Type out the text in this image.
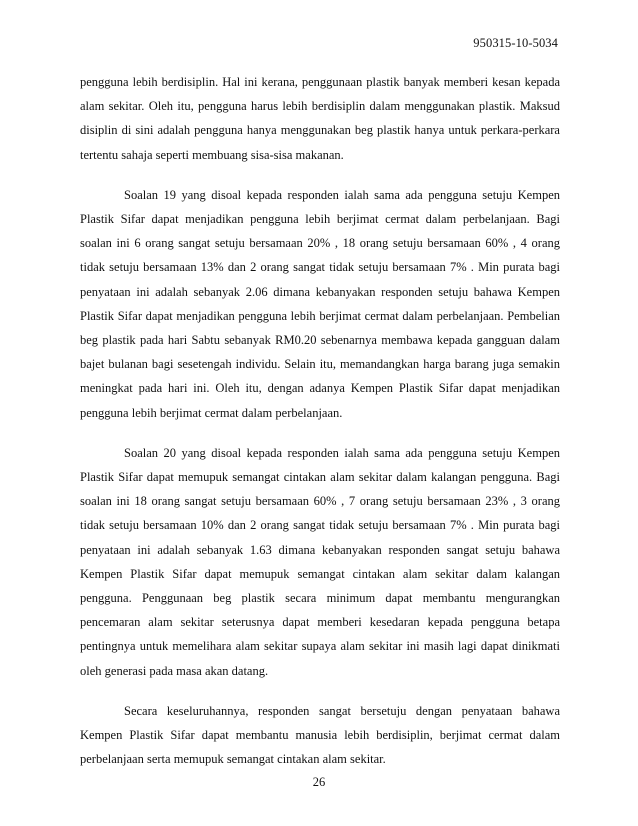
950315-10-5034

pengguna lebih berdisiplin. Hal ini kerana, penggunaan plastik banyak memberi kesan kepada alam sekitar. Oleh itu, pengguna harus lebih berdisiplin dalam menggunakan plastik. Maksud disiplin di sini adalah pengguna hanya menggunakan beg plastik hanya untuk perkara-perkara tertentu sahaja seperti membuang sisa-sisa makanan.

Soalan 19 yang disoal kepada responden ialah sama ada pengguna setuju Kempen Plastik Sifar dapat menjadikan pengguna lebih berjimat cermat dalam perbelanjaan. Bagi soalan ini 6 orang sangat setuju bersamaan 20% , 18 orang setuju bersamaan 60% , 4 orang tidak setuju bersamaan 13% dan 2 orang sangat tidak setuju bersamaan 7% . Min purata bagi penyataan ini adalah sebanyak 2.06 dimana kebanyakan responden setuju bahawa Kempen Plastik Sifar dapat menjadikan pengguna lebih berjimat cermat dalam perbelanjaan. Pembelian beg plastik pada hari Sabtu sebanyak RM0.20 sebenarnya membawa kepada gangguan dalam bajet bulanan bagi sesetengah individu. Selain itu, memandangkan harga barang juga semakin meningkat pada hari ini. Oleh itu, dengan adanya Kempen Plastik Sifar dapat menjadikan pengguna lebih berjimat cermat dalam perbelanjaan.

Soalan 20 yang disoal kepada responden ialah sama ada pengguna setuju Kempen Plastik Sifar dapat memupuk semangat cintakan alam sekitar dalam kalangan pengguna. Bagi soalan ini 18 orang sangat setuju bersamaan 60% , 7 orang setuju bersamaan 23% , 3 orang tidak setuju bersamaan 10% dan 2 orang sangat tidak setuju bersamaan 7% . Min purata bagi penyataan ini adalah sebanyak 1.63 dimana kebanyakan responden sangat setuju bahawa Kempen Plastik Sifar dapat memupuk semangat cintakan alam sekitar dalam kalangan pengguna. Penggunaan beg plastik secara minimum dapat membantu mengurangkan pencemaran alam sekitar seterusnya dapat memberi kesedaran kepada pengguna betapa pentingnya untuk memelihara alam sekitar supaya alam sekitar ini masih lagi dapat dinikmati oleh generasi pada masa akan datang.

Secara keseluruhannya, responden sangat bersetuju dengan penyataan bahawa Kempen Plastik Sifar dapat membantu manusia lebih berdisiplin, berjimat cermat dalam perbelanjaan serta memupuk semangat cintakan alam sekitar.

26
